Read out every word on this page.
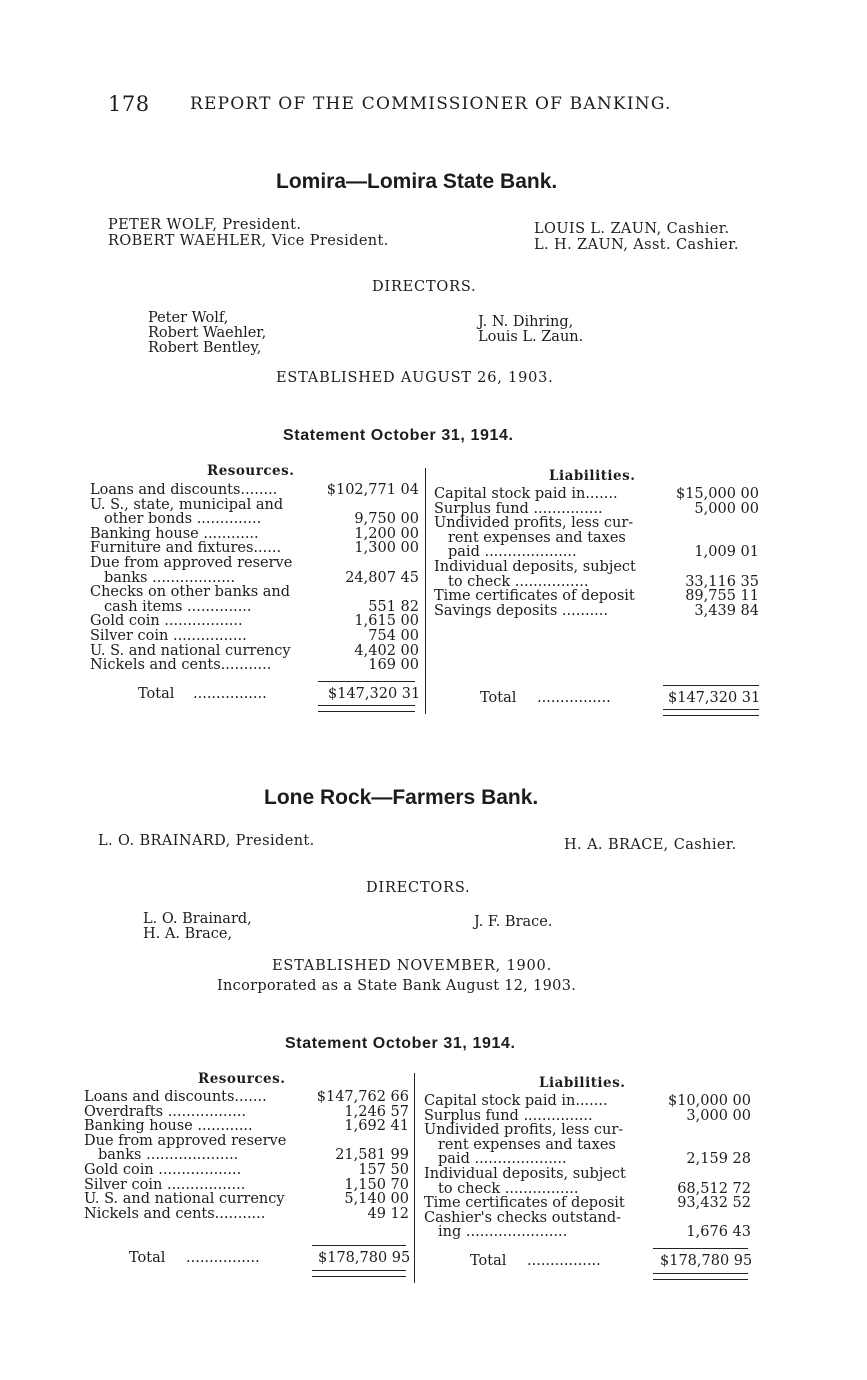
178 REPORT OF THE COMMISSIONER OF BANKING.
Lomira—Lomira State Bank.
PETER WOLF, President.
ROBERT WAEHLER, Vice President.
LOUIS L. ZAUN, Cashier.
L. H. ZAUN, Asst. Cashier.
DIRECTORS.
Peter Wolf,
Robert Waehler,
Robert Bentley,
J. N. Dihring,
Louis L. Zaun.
ESTABLISHED AUGUST 26, 1903.
Statement October 31, 1914.
Resources.	Liabilities.
Loans and discounts........	$102,771 04
U. S., state, municipal and
other bonds ..............	9,750 00
Banking house ............	1,200 00
Furniture and fixtures......	1,300 00
Due from approved reserve
banks ..................	24,807 45
Checks on other banks and
cash items ..............	551 82
Gold coin .................	1,615 00
Silver coin ................	754 00
U. S. and national currency	4,402 00
Nickels and cents...........	169 00
Capital stock paid in.......	$15,000 00
Surplus fund ...............	5,000 00
Undivided profits, less cur-
rent expenses and taxes
paid ....................	1,009 01
Individual deposits, subject
to check ................	33,116 35
Time certificates of deposit	89,755 11
Savings deposits ..........	3,439 84
Total ................	$147,320 31	Total ................	$147,320 31
Lone Rock—Farmers Bank.
L. O. BRAINARD, President.	H. A. BRACE, Cashier.
DIRECTORS.
L. O. Brainard,
H. A. Brace,
J. F. Brace.
ESTABLISHED NOVEMBER, 1900.
Incorporated as a State Bank August 12, 1903.
Statement October 31, 1914.
Resources.	Liabilities.
Loans and discounts.......	$147,762 66
Overdrafts .................	1,246 57
Banking house ............	1,692 41
Due from approved reserve
banks ....................	21,581 99
Gold coin ..................	157 50
Silver coin .................	1,150 70
U. S. and national currency	5,140 00
Nickels and cents...........	49 12
Capital stock paid in.......	$10,000 00
Surplus fund ...............	3,000 00
Undivided profits, less cur-
rent expenses and taxes
paid ....................	2,159 28
Individual deposits, subject
to check ................	68,512 72
Time certificates of deposit	93,432 52
Cashier's checks outstand-
ing ......................	1,676 43
Total ................	$178,780 95	Total ................	$178,780 95
